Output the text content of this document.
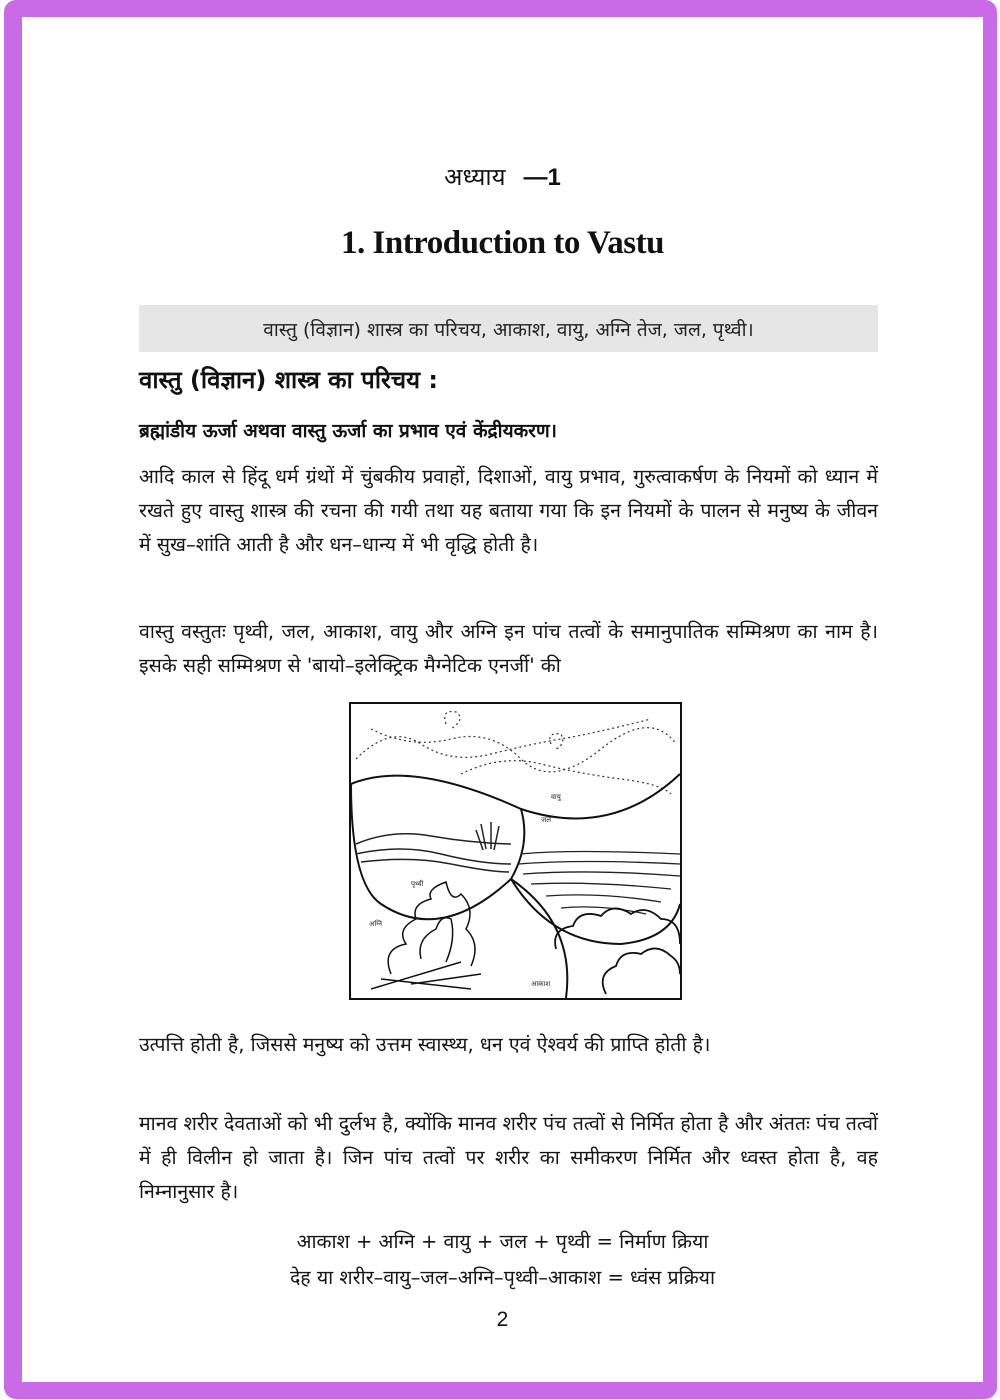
अध्याय —1
1. Introduction to Vastu
वास्तु (विज्ञान) शास्त्र का परिचय, आकाश, वायु, अग्नि तेज, जल, पृथ्वी।
वास्तु (विज्ञान) शास्त्र का परिचय :
ब्रह्मांडीय ऊर्जा अथवा वास्तु ऊर्जा का प्रभाव एवं केंद्रीयकरण।

आदि काल से हिंदू धर्म ग्रंथों में चुंबकीय प्रवाहों, दिशाओं, वायु प्रभाव, गुरुत्वाकर्षण के नियमों को ध्यान में रखते हुए वास्तु शास्त्र की रचना की गयी तथा यह बताया गया कि इन नियमों के पालन से मनुष्य के जीवन में सुख–शांति आती है और धन–धान्य में भी वृद्धि होती है।

वास्तु वस्तुतः पृथ्वी, जल, आकाश, वायु और अग्नि इन पांच तत्वों के समानुपातिक सम्मिश्रण का नाम है। इसके सही सम्मिश्रण से 'बायो–इलेक्ट्रिक मैग्नेटिक एनर्जी' की

वायु
जल
पृथ्वी
अग्नि
आकाश

उत्पत्ति होती है, जिससे मनुष्य को उत्तम स्वास्थ्य, धन एवं ऐश्वर्य की प्राप्ति होती है।

मानव शरीर देवताओं को भी दुर्लभ है, क्योंकि मानव शरीर पंच तत्वों से निर्मित होता है और अंततः पंच तत्वों में ही विलीन हो जाता है। जिन पांच तत्वों पर शरीर का समीकरण निर्मित और ध्वस्त होता है, वह निम्नानुसार है।

आकाश + अग्नि + वायु + जल + पृथ्वी = निर्माण क्रिया
देह या शरीर–वायु–जल–अग्नि–पृथ्वी–आकाश = ध्वंस प्रक्रिया
2
